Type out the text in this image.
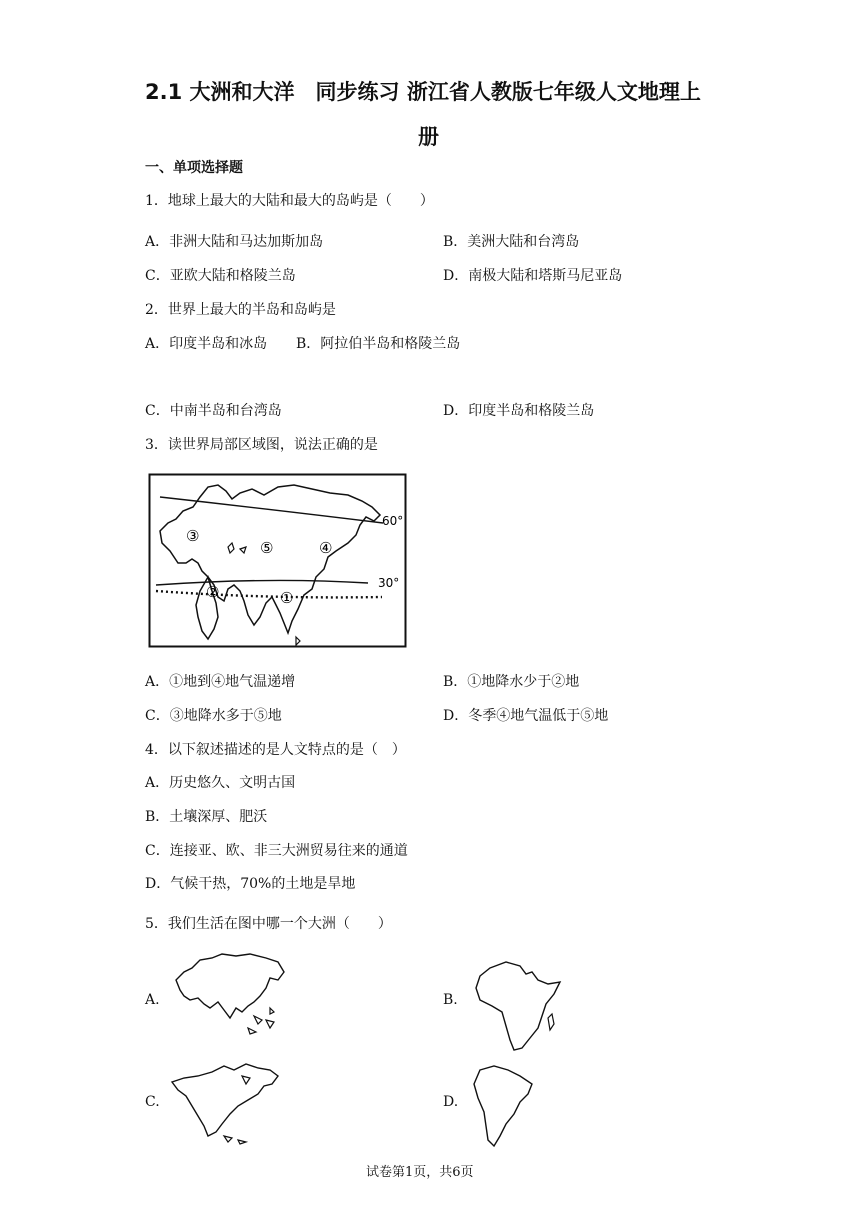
2.1 大洲和大洋　同步练习 浙江省人教版七年级人文地理上
册
一、单项选择题
1．地球上最大的大陆和最大的岛屿是（　　）
A．非洲大陆和马达加斯加岛	B．美洲大陆和台湾岛
C．亚欧大陆和格陵兰岛	D．南极大陆和塔斯马尼亚岛
2．世界上最大的半岛和岛屿是
A．印度半岛和冰岛 B．阿拉伯半岛和格陵兰岛
C．中南半岛和台湾岛	D．印度半岛和格陵兰岛
3．读世界局部区域图，说法正确的是
③
⑤	④
②	①
60°
30°
A．①地到④地气温递增	B．①地降水少于②地
C．③地降水多于⑤地	D．冬季④地气温低于⑤地
4．以下叙述描述的是人文特点的是（　）
A．历史悠久、文明古国
B．土壤深厚、肥沃
C．连接亚、欧、非三大洲贸易往来的通道
D．气候干热，70%的土地是旱地
5．我们生活在图中哪一个大洲（　　）
A.	B.
C.	D.
试卷第1页，共6页
